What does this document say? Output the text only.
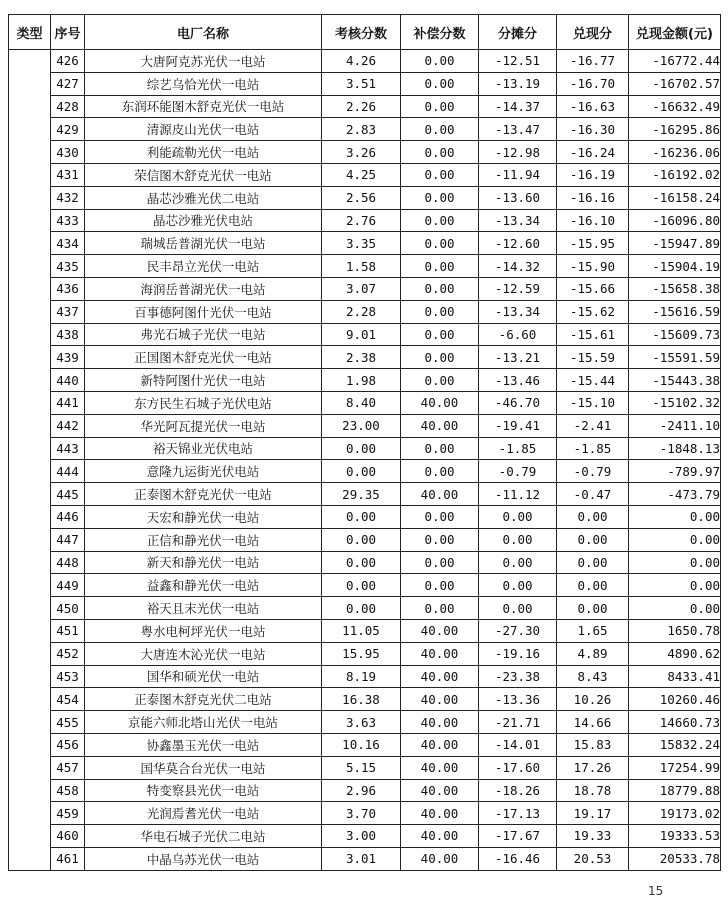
类型	序号	电厂名称	考核分数	补偿分数	分摊分	兑现分	兑现金额(元)
	426	大唐阿克苏光伏一电站	4.26	0.00	-12.51	-16.77	-16772.44
	427	综艺乌恰光伏一电站	3.51	0.00	-13.19	-16.70	-16702.57
	428	东润环能图木舒克光伏一电站	2.26	0.00	-14.37	-16.63	-16632.49
	429	清源皮山光伏一电站	2.83	0.00	-13.47	-16.30	-16295.86
	430	利能疏勒光伏一电站	3.26	0.00	-12.98	-16.24	-16236.06
	431	荣信图木舒克光伏一电站	4.25	0.00	-11.94	-16.19	-16192.02
	432	晶芯沙雅光伏二电站	2.56	0.00	-13.60	-16.16	-16158.24
	433	晶芯沙雅光伏电站	2.76	0.00	-13.34	-16.10	-16096.80
	434	瑞城岳普湖光伏一电站	3.35	0.00	-12.60	-15.95	-15947.89
	435	民丰昂立光伏一电站	1.58	0.00	-14.32	-15.90	-15904.19
	436	海润岳普湖光伏一电站	3.07	0.00	-12.59	-15.66	-15658.38
	437	百事德阿图什光伏一电站	2.28	0.00	-13.34	-15.62	-15616.59
	438	弗光石城子光伏一电站	9.01	0.00	-6.60	-15.61	-15609.73
	439	正国图木舒克光伏一电站	2.38	0.00	-13.21	-15.59	-15591.59
	440	新特阿图什光伏一电站	1.98	0.00	-13.46	-15.44	-15443.38
	441	东方民生石城子光伏电站	8.40	40.00	-46.70	-15.10	-15102.32
	442	华光阿瓦提光伏一电站	23.00	40.00	-19.41	-2.41	-2411.10
	443	裕天锦业光伏电站	0.00	0.00	-1.85	-1.85	-1848.13
	444	意隆九运街光伏电站	0.00	0.00	-0.79	-0.79	-789.97
	445	正泰图木舒克光伏一电站	29.35	40.00	-11.12	-0.47	-473.79
	446	天宏和静光伏一电站	0.00	0.00	0.00	0.00	0.00
	447	正信和静光伏一电站	0.00	0.00	0.00	0.00	0.00
	448	新天和静光伏一电站	0.00	0.00	0.00	0.00	0.00
	449	益鑫和静光伏一电站	0.00	0.00	0.00	0.00	0.00
	450	裕天且末光伏一电站	0.00	0.00	0.00	0.00	0.00
	451	粤水电柯坪光伏一电站	11.05	40.00	-27.30	1.65	1650.78
	452	大唐连木沁光伏一电站	15.95	40.00	-19.16	4.89	4890.62
	453	国华和硕光伏一电站	8.19	40.00	-23.38	8.43	8433.41
	454	正泰图木舒克光伏二电站	16.38	40.00	-13.36	10.26	10260.46
	455	京能六师北塔山光伏一电站	3.63	40.00	-21.71	14.66	14660.73
	456	协鑫墨玉光伏一电站	10.16	40.00	-14.01	15.83	15832.24
	457	国华莫合台光伏一电站	5.15	40.00	-17.60	17.26	17254.99
	458	特变察县光伏一电站	2.96	40.00	-18.26	18.78	18779.88
	459	光润焉耆光伏一电站	3.70	40.00	-17.13	19.17	19173.02
	460	华电石城子光伏二电站	3.00	40.00	-17.67	19.33	19333.53
	461	中晶乌苏光伏一电站	3.01	40.00	-16.46	20.53	20533.78
15
